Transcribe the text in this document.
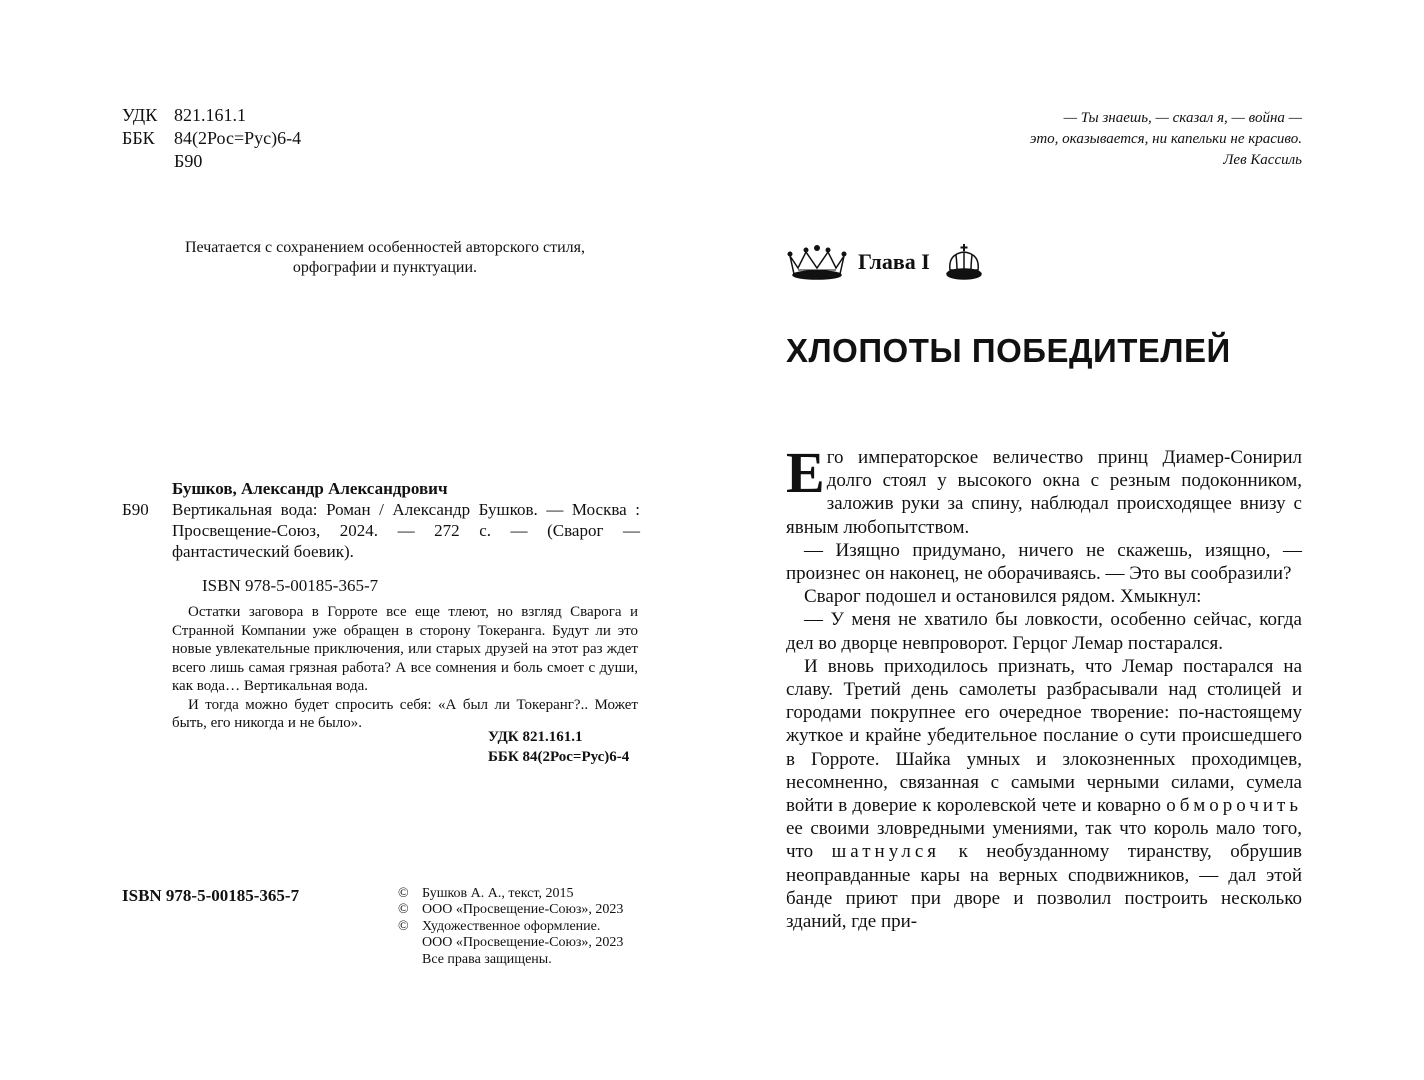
УДК 821.161.1
ББК	84(2Рос=Рус)6-4
Б90
Печатается с сохранением особенностей авторского стиля,
орфографии и пунктуации.
Бушков, Александр Александрович
Б90	Вертикальная вода: Роман / Александр Бушков. — Москва : Просвещение-Союз, 2024. — 272 с. — (Сварог — фантастический боевик).
ISBN 978-5-00185-365-7

Остатки заговора в Горроте все еще тлеют, но взгляд Сварога и Странной Компании уже обращен в сторону Токеранга. Будут ли это новые увлекательные приключения, или старых друзей на этот раз ждет всего лишь самая грязная работа? А все сомнения и боль смоет с души, как вода… Вертикальная вода.

И тогда можно будет спросить себя: «А был ли Токеранг?.. Может быть, его никогда и не было».

УДК 821.161.1
ББК 84(2Рос=Рус)6-4
ISBN 978-5-00185-365-7	© Бушков А. А., текст, 2015
© ООО «Просвещение-Союз», 2023
© Художественное оформление.
ООО «Просвещение-Союз», 2023
Все права защищены.
— Ты знаешь, — сказал я, — война —
это, оказывается, ни капельки не красиво.
Лев Кассиль
Глава I
ХЛОПОТЫ ПОБЕДИТЕЛЕЙ

Его императорское величество принц Диамер-Сонирил долго стоял у высокого окна с резным подоконником, заложив руки за спину, наблюдал происходящее внизу с явным любопытством.

— Изящно придумано, ничего не скажешь, изящно, — произнес он наконец, не оборачиваясь. — Это вы сообразили?

Сварог подошел и остановился рядом. Хмыкнул:

— У меня не хватило бы ловкости, особенно сейчас, когда дел во дворце невпроворот. Герцог Лемар постарался.

И вновь приходилось признать, что Лемар постарался на славу. Третий день самолеты разбрасывали над столицей и городами покрупнее его очередное творение: по-настоящему жуткое и крайне убедительное послание о сути происшедшего в Горроте. Шайка умных и злокозненных проходимцев, несомненно, связанная с самыми черными силами, сумела войти в доверие к королевской чете и коварно обморочить ее своими зловредными умениями, так что король мало того, что шатнулся к необузданному тиранству, обрушив неоправданные кары на верных сподвижников, — дал этой банде приют при дворе и позволил построить несколько зданий, где при-
